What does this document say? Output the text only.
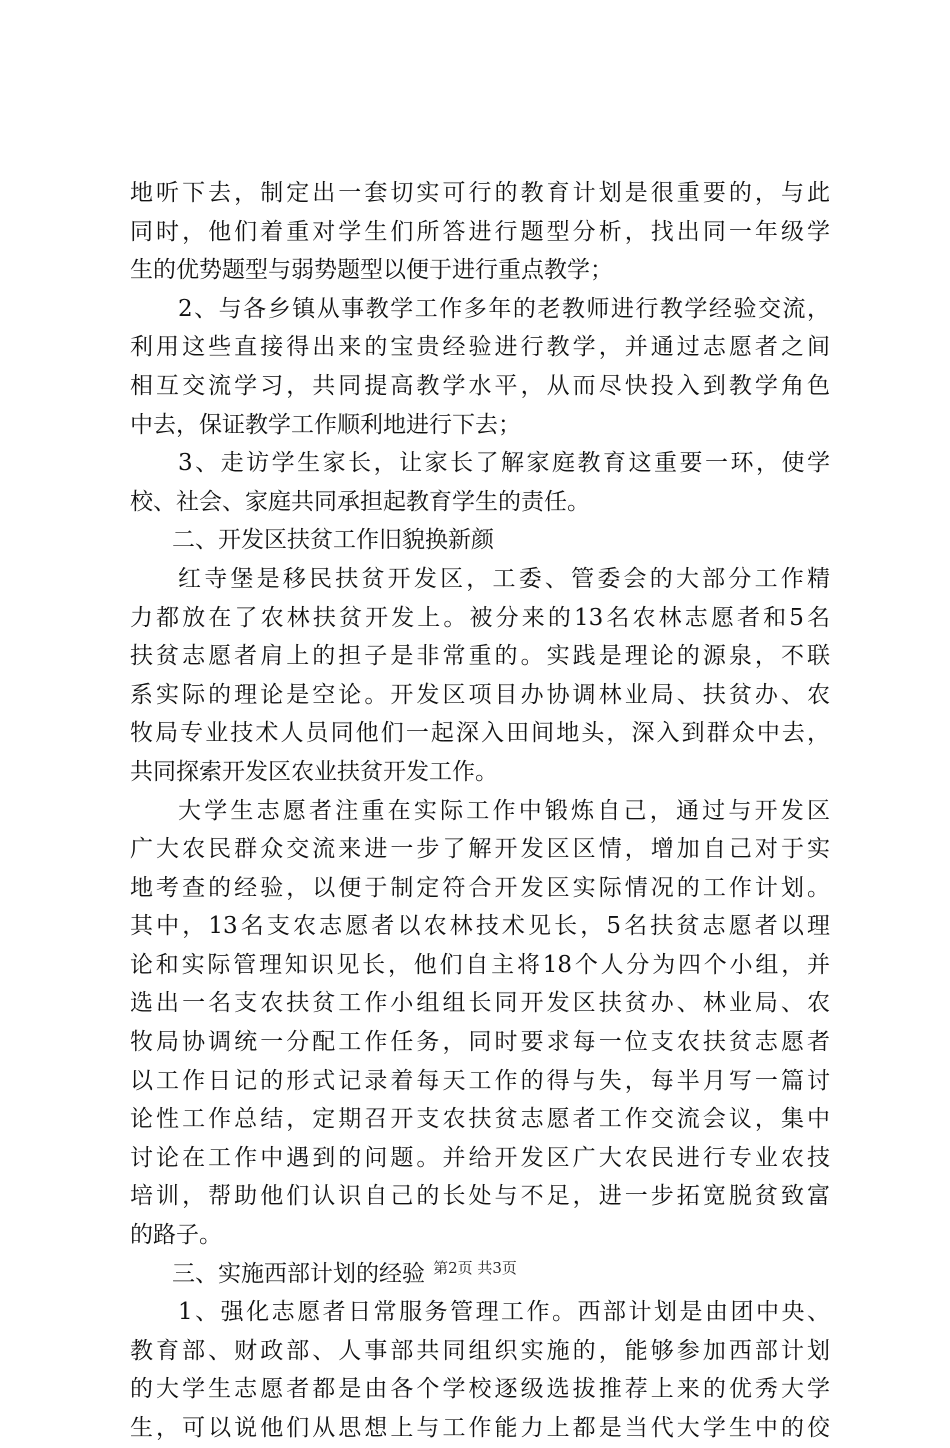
地听下去，制定出一套切实可行的教育计划是很重要的，与此
同时，他们着重对学生们所答进行题型分析，找出同一年级学
生的优势题型与弱势题型以便于进行重点教学；
2、与各乡镇从事教学工作多年的老教师进行教学经验交流，
利用这些直接得出来的宝贵经验进行教学，并通过志愿者之间
相互交流学习，共同提高教学水平，从而尽快投入到教学角色
中去，保证教学工作顺利地进行下去；
3、走访学生家长，让家长了解家庭教育这重要一环，使学
校、社会、家庭共同承担起教育学生的责任。
二、开发区扶贫工作旧貌换新颜
红寺堡是移民扶贫开发区，工委、管委会的大部分工作精
力都放在了农林扶贫开发上。被分来的13名农林志愿者和5名
扶贫志愿者肩上的担子是非常重的。实践是理论的源泉，不联
系实际的理论是空论。开发区项目办协调林业局、扶贫办、农
牧局专业技术人员同他们一起深入田间地头，深入到群众中去，
共同探索开发区农业扶贫开发工作。
大学生志愿者注重在实际工作中锻炼自己，通过与开发区
广大农民群众交流来进一步了解开发区区情，增加自己对于实
地考查的经验，以便于制定符合开发区实际情况的工作计划。
其中，13名支农志愿者以农林技术见长，5名扶贫志愿者以理
论和实际管理知识见长，他们自主将18个人分为四个小组，并
选出一名支农扶贫工作小组组长同开发区扶贫办、林业局、农
牧局协调统一分配工作任务，同时要求每一位支农扶贫志愿者
以工作日记的形式记录着每天工作的得与失，每半月写一篇讨
论性工作总结，定期召开支农扶贫志愿者工作交流会议，集中
讨论在工作中遇到的问题。并给开发区广大农民进行专业农技
培训，帮助他们认识自己的长处与不足，进一步拓宽脱贫致富
的路子。
三、实施西部计划的经验
1、强化志愿者日常服务管理工作。西部计划是由团中央、
教育部、财政部、人事部共同组织实施的，能够参加西部计划
的大学生志愿者都是由各个学校逐级选拔推荐上来的优秀大学
生，可以说他们从思想上与工作能力上都是当代大学生中的佼
第2页 共3页
